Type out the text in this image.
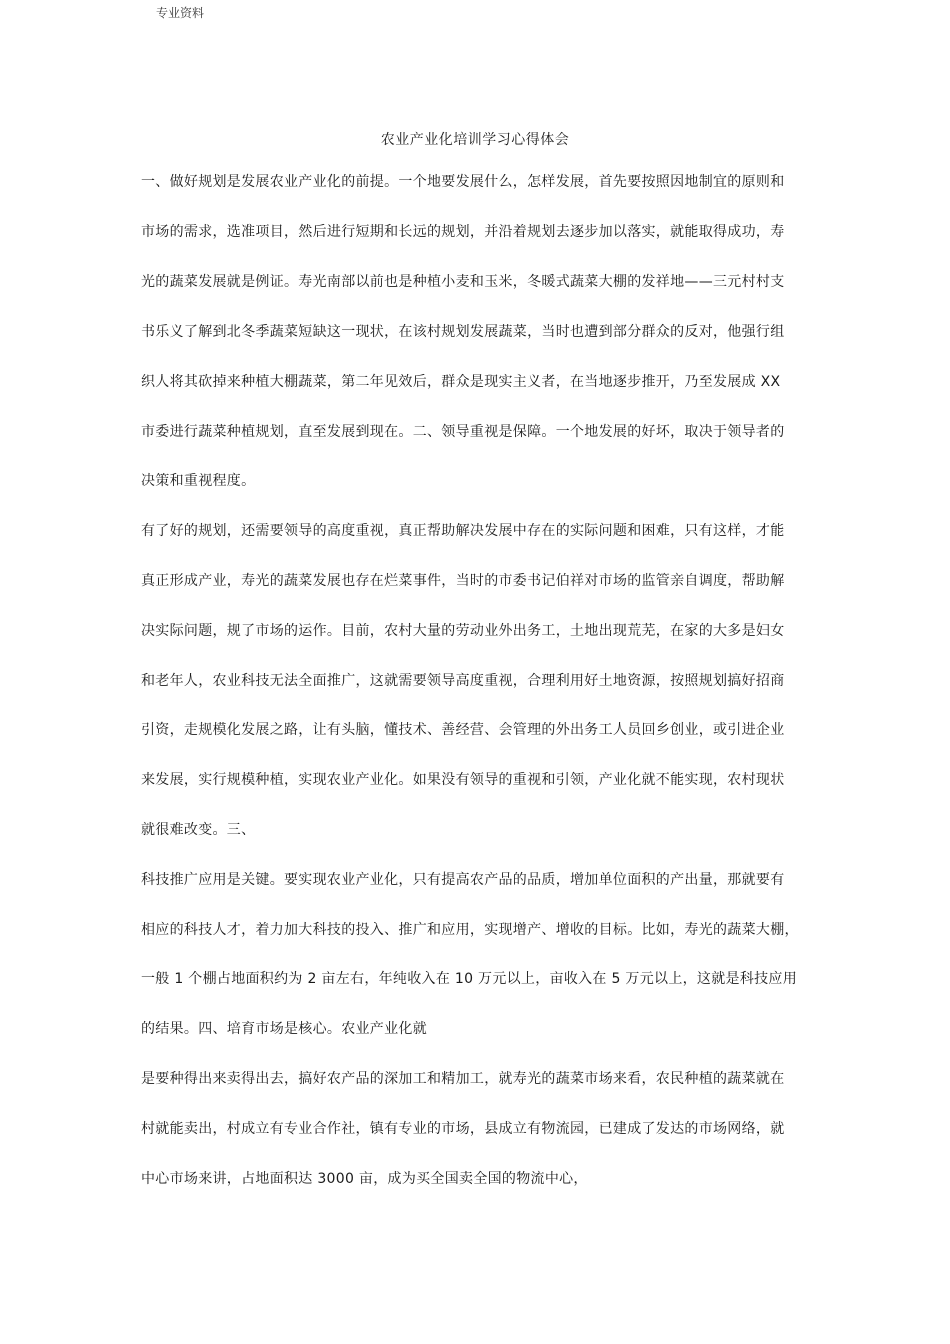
专业资料
农业产业化培训学习心得体会
一、做好规划是发展农业产业化的前提。一个地要发展什么，怎样发展，首先要按照因地制宜的原则和
市场的需求，选准项目，然后进行短期和长远的规划，并沿着规划去逐步加以落实，就能取得成功，寿
光的蔬菜发展就是例证。寿光南部以前也是种植小麦和玉米，冬暖式蔬菜大棚的发祥地——三元村村支
书乐义了解到北冬季蔬菜短缺这一现状，在该村规划发展蔬菜，当时也遭到部分群众的反对，他强行组
织人将其砍掉来种植大棚蔬菜，第二年见效后，群众是现实主义者，在当地逐步推开，乃至发展成 XX
市委进行蔬菜种植规划，直至发展到现在。二、领导重视是保障。一个地发展的好坏，取决于领导者的
决策和重视程度。
有了好的规划，还需要领导的高度重视，真正帮助解决发展中存在的实际问题和困难，只有这样，才能
真正形成产业，寿光的蔬菜发展也存在烂菜事件，当时的市委书记伯祥对市场的监管亲自调度，帮助解
决实际问题，规了市场的运作。目前，农村大量的劳动业外出务工，土地出现荒芜，在家的大多是妇女
和老年人，农业科技无法全面推广，这就需要领导高度重视，合理利用好土地资源，按照规划搞好招商
引资，走规模化发展之路，让有头脑，懂技术、善经营、会管理的外出务工人员回乡创业，或引进企业
来发展，实行规模种植，实现农业产业化。如果没有领导的重视和引领，产业化就不能实现，农村现状
就很难改变。三、
科技推广应用是关键。要实现农业产业化，只有提高农产品的品质，增加单位面积的产出量，那就要有
相应的科技人才，着力加大科技的投入、推广和应用，实现增产、增收的目标。比如，寿光的蔬菜大棚，
一般 1 个棚占地面积约为 2 亩左右，年纯收入在 10 万元以上，亩收入在 5 万元以上，这就是科技应用
的结果。四、培育市场是核心。农业产业化就
是要种得出来卖得出去，搞好农产品的深加工和精加工，就寿光的蔬菜市场来看，农民种植的蔬菜就在
村就能卖出，村成立有专业合作社，镇有专业的市场，县成立有物流园，已建成了发达的市场网络，就
中心市场来讲，占地面积达 3000 亩，成为买全国卖全国的物流中心，
